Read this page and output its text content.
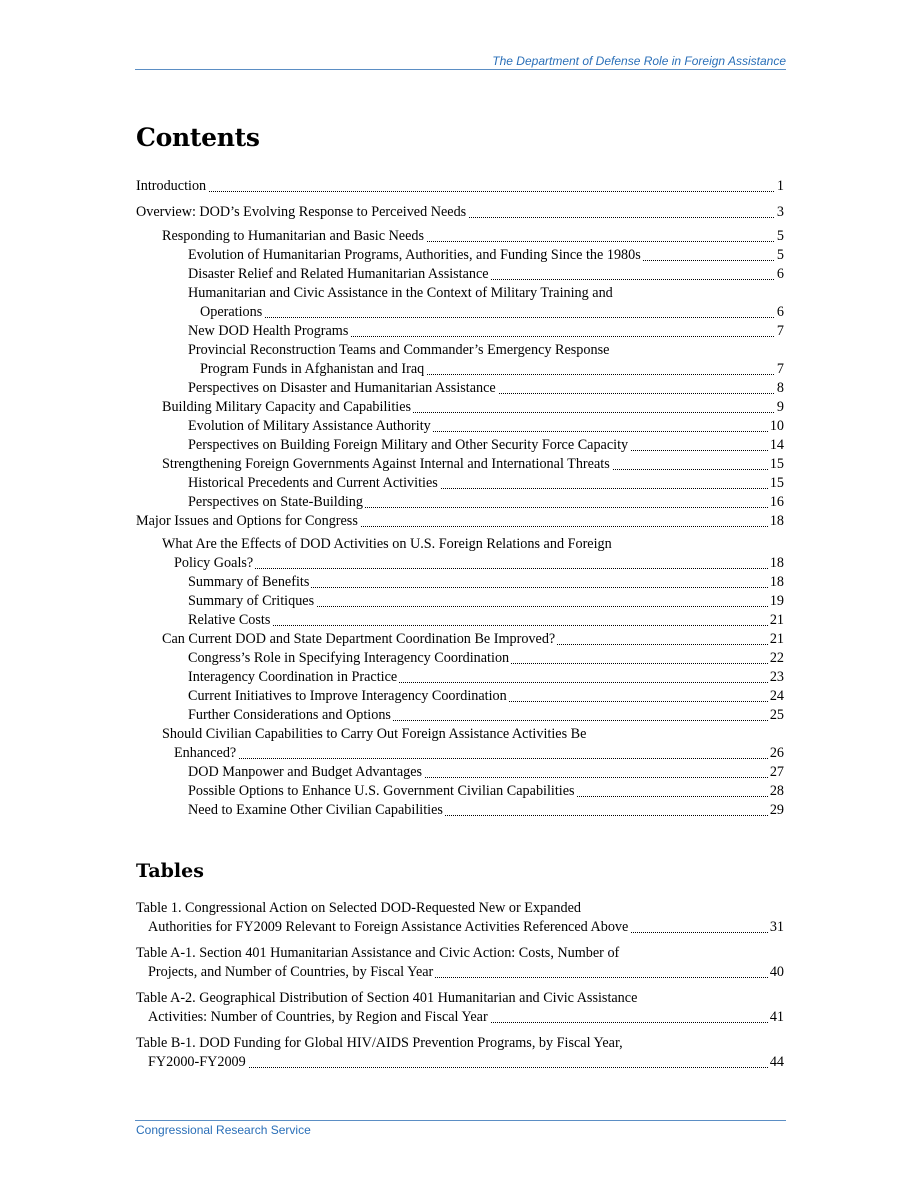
The Department of Defense Role in Foreign Assistance
Contents
Introduction	1
Overview: DOD’s Evolving Response to Perceived Needs	3
Responding to Humanitarian and Basic Needs	5
Evolution of Humanitarian Programs, Authorities, and Funding Since the 1980s	5
Disaster Relief and Related Humanitarian Assistance	6
Humanitarian and Civic Assistance in the Context of Military Training and
Operations	6
New DOD Health Programs	7
Provincial Reconstruction Teams and Commander’s Emergency Response
Program Funds in Afghanistan and Iraq	7
Perspectives on Disaster and Humanitarian Assistance	8
Building Military Capacity and Capabilities	9
Evolution of Military Assistance Authority	10
Perspectives on Building Foreign Military and Other Security Force Capacity	14
Strengthening Foreign Governments Against Internal and International Threats	15
Historical Precedents and Current Activities	15
Perspectives on State-Building	16
Major Issues and Options for Congress	18
What Are the Effects of DOD Activities on U.S. Foreign Relations and Foreign
Policy Goals?	18
Summary of Benefits	18
Summary of Critiques	19
Relative Costs	21
Can Current DOD and State Department Coordination Be Improved?	21
Congress’s Role in Specifying Interagency Coordination	22
Interagency Coordination in Practice	23
Current Initiatives to Improve Interagency Coordination	24
Further Considerations and Options	25
Should Civilian Capabilities to Carry Out Foreign Assistance Activities Be
Enhanced?	26
DOD Manpower and Budget Advantages	27
Possible Options to Enhance U.S. Government Civilian Capabilities	28
Need to Examine Other Civilian Capabilities	29
Tables
Table 1. Congressional Action on Selected DOD-Requested New or Expanded
Authorities for FY2009 Relevant to Foreign Assistance Activities Referenced Above	31
Table A-1. Section 401 Humanitarian Assistance and Civic Action: Costs, Number of
Projects, and Number of Countries, by Fiscal Year	40
Table A-2. Geographical Distribution of Section 401 Humanitarian and Civic Assistance
Activities: Number of Countries, by Region and Fiscal Year	41
Table B-1. DOD Funding for Global HIV/AIDS Prevention Programs, by Fiscal Year,
FY2000-FY2009	44
Congressional Research Service
